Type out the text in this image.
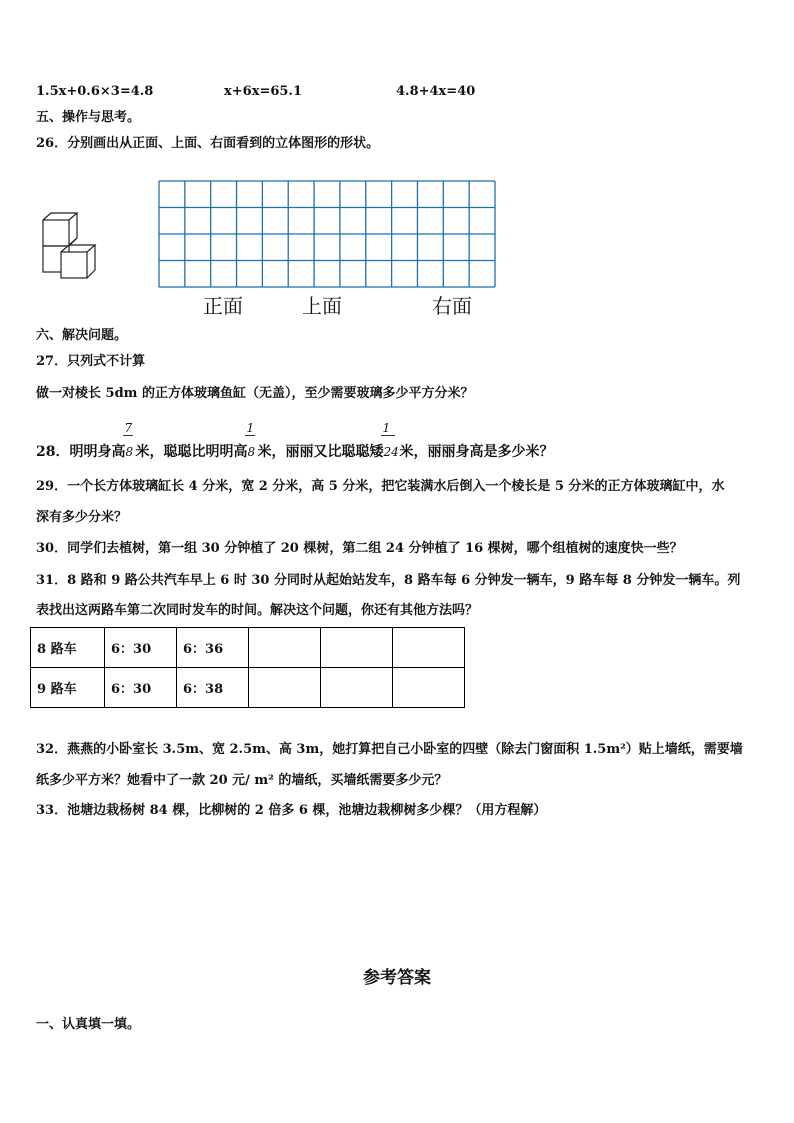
1.5x+0.6×3=4.8	x+6x=65.1	4.8+4x=40
五、操作与思考。
26．分别画出从正面、上面、右面看到的立体图形的形状。
正面	上面	右面
六、解决问题。
27．只列式不计算
做一对棱长 5dm 的正方体玻璃鱼缸（无盖），至少需要玻璃多少平方分米？
28．明明身高 $\frac{7}{8}$米，聪聪比明明高 $\frac{1}{8}$米，丽丽又比聪聪矮 $\frac{1}{24}$米，丽丽身高是多少米？
29．一个长方体玻璃缸长 4 分米，宽 2 分米，高 5 分米，把它装满水后倒入一个棱长是 5 分米的正方体玻璃缸中，水
深有多少分米？
30．同学们去植树，第一组 30 分钟植了 20 棵树，第二组 24 分钟植了 16 棵树，哪个组植树的速度快一些？
31．8 路和 9 路公共汽车早上 6 时 30 分同时从起始站发车，8 路车每 6 分钟发一辆车，9 路车每 8 分钟发一辆车。列
表找出这两路车第二次同时发车的时间。解决这个问题，你还有其他方法吗？
8 路车	6：30	6：36			
9 路车	6：30	6：38			
32．燕燕的小卧室长 3.5m、宽 2.5m、高 3m，她打算把自己小卧室的四壁（除去门窗面积 1.5m²）贴上墙纸，需要墙
纸多少平方米？她看中了一款 20 元/ m² 的墙纸，买墙纸需要多少元？
33．池塘边栽杨树 84 棵，比柳树的 2 倍多 6 棵，池塘边栽柳树多少棵？（用方程解）
参考答案
一、认真填一填。
